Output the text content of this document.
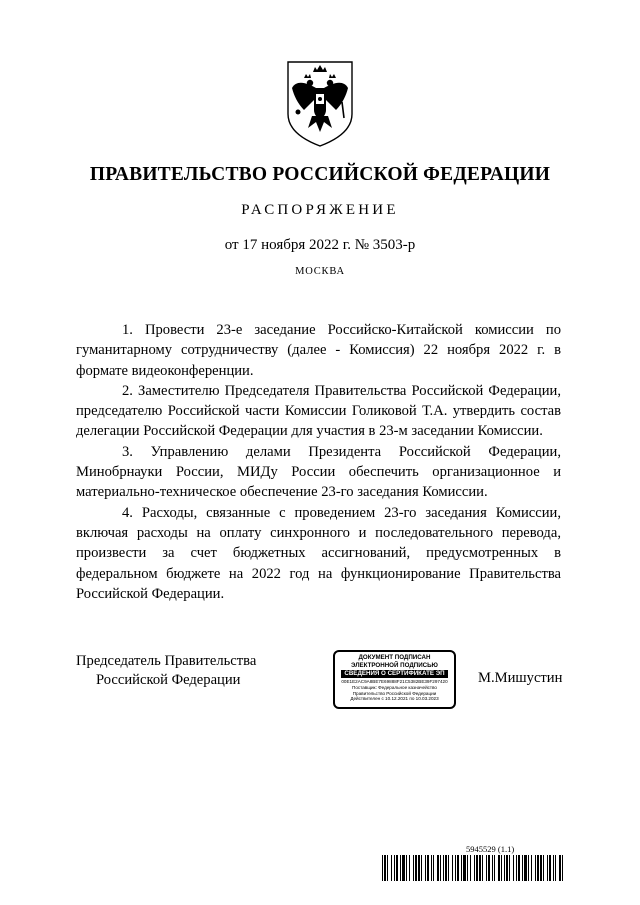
ПРАВИТЕЛЬСТВО РОССИЙСКОЙ ФЕДЕРАЦИИ
РАСПОРЯЖЕНИЕ
от 17 ноября 2022 г. № 3503-р
МОСКВА

1. Провести 23-е заседание Российско-Китайской комиссии по гуманитарному сотрудничеству (далее - Комиссия) 22 ноября 2022 г. в формате видеоконференции.

2. Заместителю Председателя Правительства Российской Федерации, председателю Российской части Комиссии Голиковой Т.А. утвердить состав делегации Российской Федерации для участия в 23-м заседании Комиссии.

3. Управлению делами Президента Российской Федерации, Минобрнауки России, МИДу России обеспечить организационное и материально-техническое обеспечение 23-го заседания Комиссии.

4. Расходы, связанные с проведением 23-го заседания Комиссии, включая расходы на оплату синхронного и последовательного перевода, произвести за счет бюджетных ассигнований, предусмотренных в федеральном бюджете на 2022 год на функционирование Правительства Российской Федерации.

Председатель Правительства
Российской Федерации
ДОКУМЕНТ ПОДПИСАН
ЭЛЕКТРОННОЙ ПОДПИСЬЮ
СВЕДЕНИЯ О СЕРТИФИКАТЕ ЭП
00E1E2AC9A8BE7E69888F21C5382BE39F297420
Поставщик: Федеральное казначейство
Правительство Российской Федерации
Действителен с 10.12.2021 по 10.03.2023
М.Мишустин
5945529 (1.1)
